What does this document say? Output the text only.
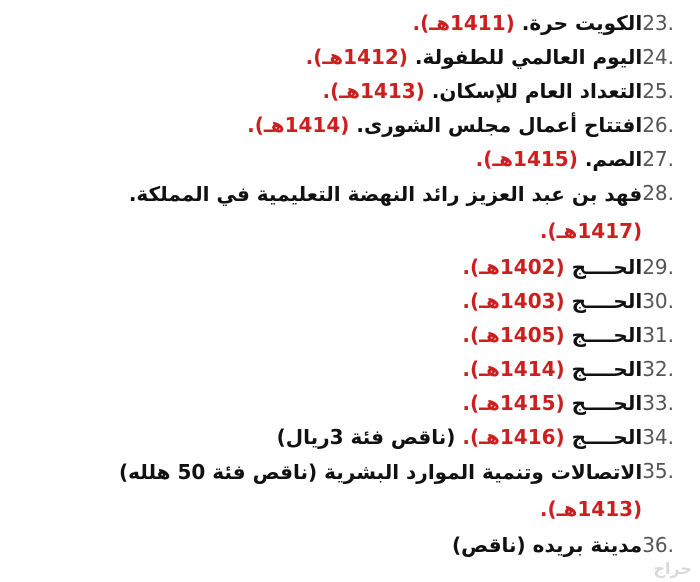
23.
الكويت حرة. (1411هـ).
24.
اليوم العالمي للطفولة. (1412هـ).
25.
التعداد العام للإسكان. (1413هـ).
26.
افتتاح أعمال مجلس الشورى. (1414هـ).
27.
الصم. (1415هـ).
28.
فهد بن عبد العزيز رائد النهضة التعليمية في المملكة. (1417هـ).
29.
الحــــج (1402هـ).
30.
الحــــج (1403هـ).
31.
الحــــج (1405هـ).
32.
الحــــج (1414هـ).
33.
الحــــج (1415هـ).
34.
الحــــج (1416هـ). (ناقص فئة 3ريال)
35.
الاتصالات وتنمية الموارد البشرية (ناقص فئة 50 هلله) (1413هـ).
36.
مدينة بريده (ناقص)
حراج
